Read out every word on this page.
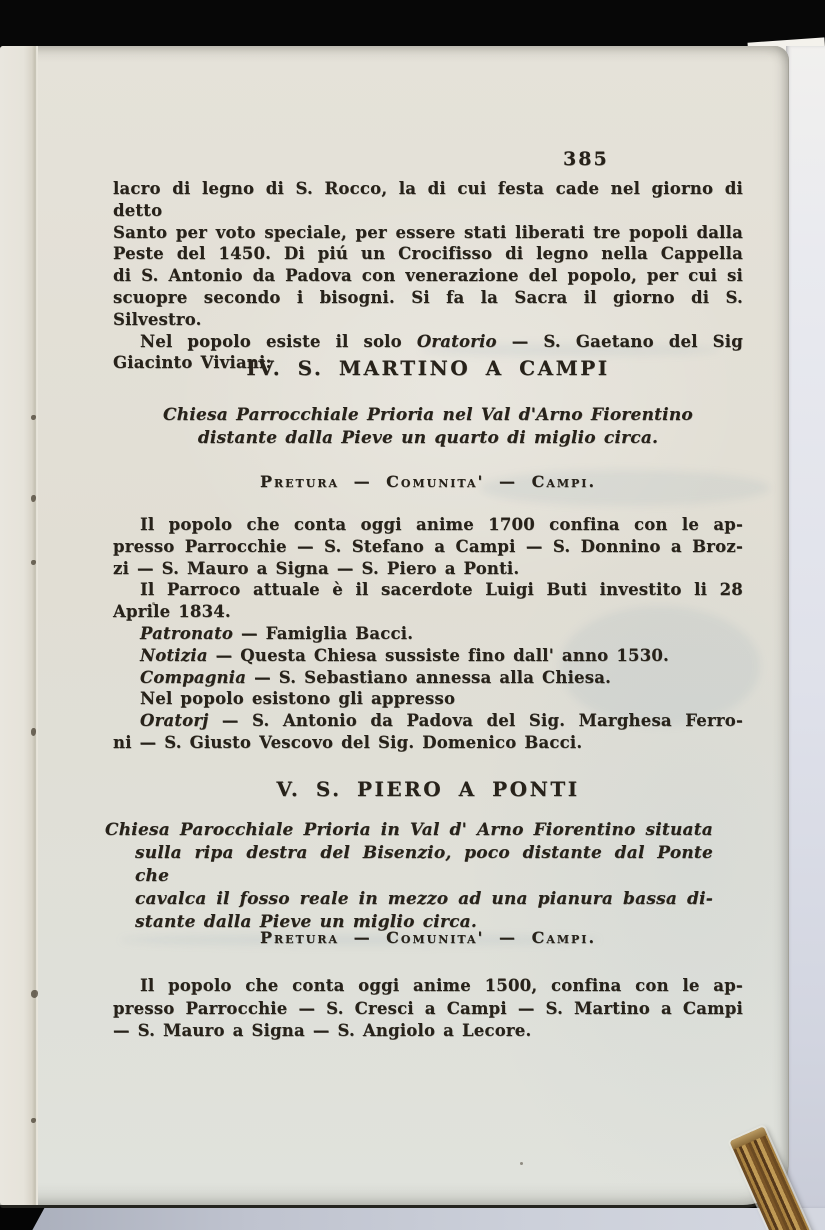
385
lacro di legno di S. Rocco, la di cui festa cade nel giorno di detto
Santo per voto speciale, per essere stati liberati tre popoli dalla
Peste del 1450. Di piú un Crocifisso di legno nella Cappella
di S. Antonio da Padova con venerazione del popolo, per cui si
scuopre secondo i bisogni. Si fa la Sacra il giorno di S. Silvestro.
Nel popolo esiste il solo Oratorio — S. Gaetano del Sig
Giacinto Viviani:
IV. S. MARTINO A CAMPI
Chiesa Parrocchiale Prioria nel Val d'Arno Fiorentino
distante dalla Pieve un quarto di miglio circa.
Pretura — Comunita' — Campi.
Il popolo che conta oggi anime 1700 confina con le ap-
presso Parrocchie — S. Stefano a Campi — S. Donnino a Broz-
zi — S. Mauro a Signa — S. Piero a Ponti.
Il Parroco attuale è il sacerdote Luigi Buti investito li 28
Aprile 1834.
Patronato — Famiglia Bacci.
Notizia — Questa Chiesa sussiste fino dall' anno 1530.
Compagnia — S. Sebastiano annessa alla Chiesa.
Nel popolo esistono gli appresso
Oratorj — S. Antonio da Padova del Sig. Marghesa Ferro-
ni — S. Giusto Vescovo del Sig. Domenico Bacci.
V. S. PIERO A PONTI
Chiesa Parocchiale Prioria in Val d' Arno Fiorentino situata
sulla ripa destra del Bisenzio, poco distante dal Ponte che
cavalca il fosso reale in mezzo ad una pianura bassa di-
stante dalla Pieve un miglio circa.
Pretura — Comunita' — Campi.
Il popolo che conta oggi anime 1500, confina con le ap-
presso Parrocchie — S. Cresci a Campi — S. Martino a Campi
— S. Mauro a Signa — S. Angiolo a Lecore.
